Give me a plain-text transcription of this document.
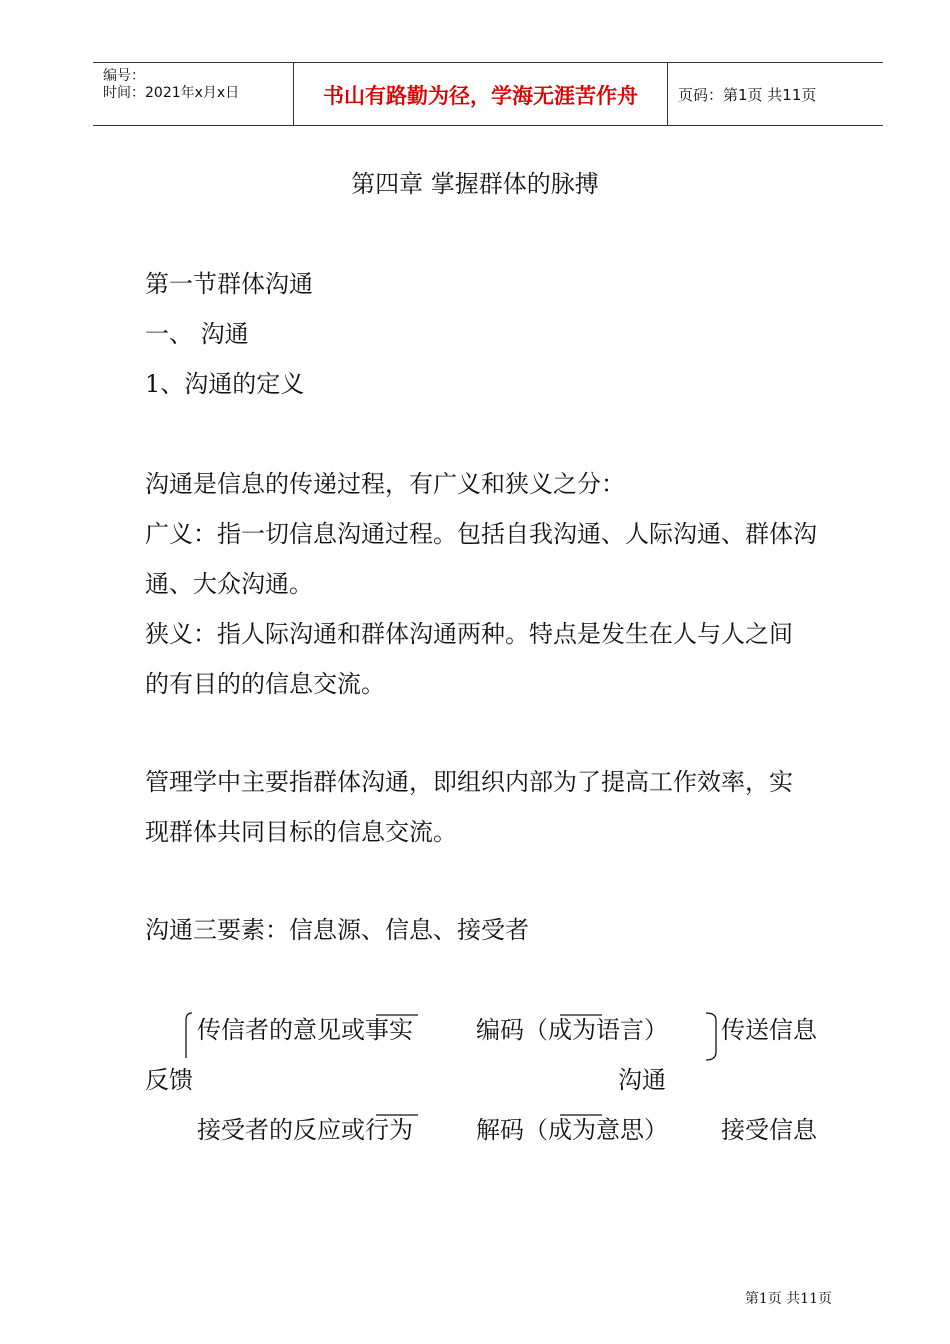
编号：
时间：2021年x月x日	书山有路勤为径，学海无涯苦作舟	页码：第1页 共11页
第四章 掌握群体的脉搏
第一节群体沟通
一、 沟通
1、沟通的定义
沟通是信息的传递过程，有广义和狭义之分：
广义：指一切信息沟通过程。包括自我沟通、人际沟通、群体沟
通、大众沟通。
狭义：指人际沟通和群体沟通两种。特点是发生在人与人之间
的有目的的信息交流。
管理学中主要指群体沟通，即组织内部为了提高工作效率，实
现群体共同目标的信息交流。
沟通三要素：信息源、信息、接受者
传信者的意见或事实	编码（成为语言） 传送信息
反馈	沟通
接受者的反应或行为	解码（成为意思） 接受信息
第1页 共11页
